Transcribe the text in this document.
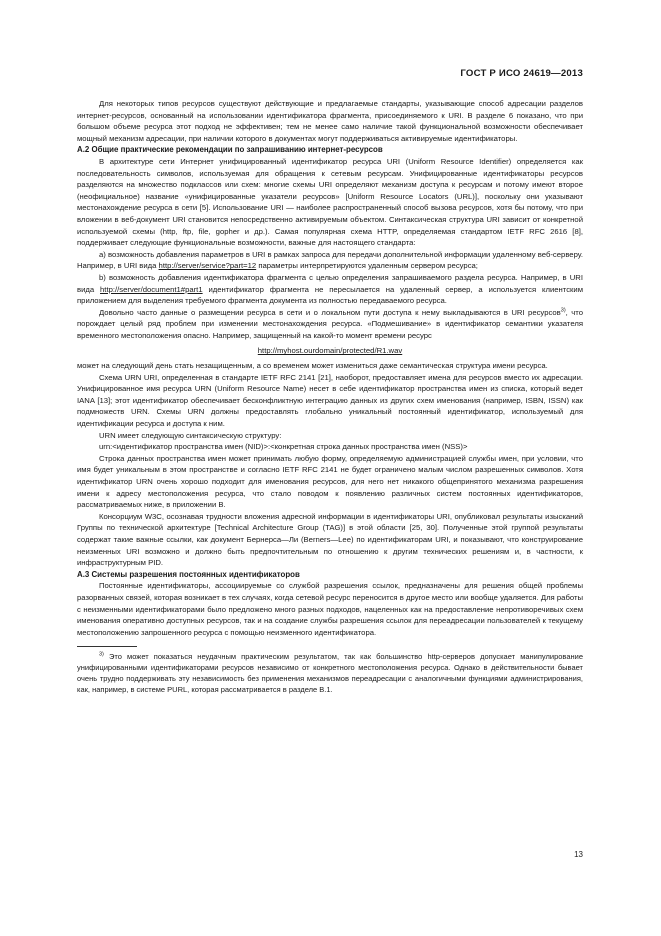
ГОСТ Р ИСО 24619—2013

Для некоторых типов ресурсов существуют действующие и предлагаемые стандарты, указывающие способ адресации разделов интернет-ресурсов, основанный на использовании идентификатора фрагмента, присоединяемого к URI. В разделе 6 показано, что при большом объеме ресурса этот подход не эффективен; тем не менее само наличие такой функциональной возможности обеспечивает мощный механизм адресации, при наличии которого в документах могут поддерживаться активируемые идентификаторы.

А.2 Общие практические рекомендации по запрашиванию интернет-ресурсов

В архитектуре сети Интернет унифицированный идентификатор ресурса URI (Uniform Resource Identifier) определяется как последовательность символов, используемая для обращения к сетевым ресурсам. Унифицированные идентификаторы ресурсов разделяются на множество подклассов или схем: многие схемы URI определяют механизм доступа к ресурсам и потому имеют второе (неофициальное) название «унифицированные указатели ресурсов» [Uniform Resource Locators (URL)], поскольку они указывают местонахождение ресурса в сети [5]. Использование URI — наиболее распространенный способ вызова ресурсов, хотя бы потому, что при вложении в веб-документ URI становится непосредственно активируемым объектом. Синтаксическая структура URI зависит от конкретной используемой схемы (http, ftp, file, gopher и др.). Самая популярная схема HTTP, определяемая стандартом IETF RFC 2616 [8], поддерживает следующие функциональные возможности, важные для настоящего стандарта:

а) возможность добавления параметров в URI в рамках запроса для передачи дополнительной информации удаленному веб-серверу. Например, в URI вида http://server/service?part=12 параметры интерпретируются удаленным сервером ресурса;

b) возможность добавления идентификатора фрагмента с целью определения запрашиваемого раздела ресурса. Например, в URI вида http://server/document1#part1 идентификатор фрагмента не пересылается на удаленный сервер, а используется клиентским приложением для выделения требуемого фрагмента документа из полностью передаваемого ресурса.

Довольно часто данные о размещении ресурса в сети и о локальном пути доступа к нему выкладываются в URI ресурсов$^{3)}$, что порождает целый ряд проблем при изменении местонахождения ресурса. «Подмешивание» в идентификатор семантики указателя временного местоположения опасно. Например, защищенный на какой-то момент времени ресурс

http://myhost.ourdomain/protected/R1.wav

может на следующий день стать незащищенным, а со временем может измениться даже семантическая структура имени ресурса.

Схема URN URI, определенная в стандарте IETF RFC 2141 [21], наоборот, предоставляет имена для ресурсов вместо их адресации. Унифицированное имя ресурса URN (Uniform Resource Name) несет в себе идентификатор пространства имен из списка, который ведет IANA [13]; этот идентификатор обеспечивает бесконфликтную интеграцию данных из других схем именования (например, ISBN, ISSN) как подмножеств URN. Схемы URN должны предоставлять глобально уникальный постоянный идентификатор, используемый для идентификации ресурса и доступа к ним.

URN имеет следующую синтаксическую структуру:

urn:<идентификатор пространства имен (NID)>:<конкретная строка данных пространства имен (NSS)>

Строка данных пространства имен может принимать любую форму, определяемую администрацией службы имен, при условии, что имя будет уникальным в этом пространстве и согласно IETF RFC 2141 не будет ограничено малым числом разрешенных символов. Хотя идентификатор URN очень хорошо подходит для именования ресурсов, для него нет никакого общепринятого механизма разрешения имени к адресу местоположения ресурса, что стало поводом к появлению различных систем постоянных идентификаторов, рассматриваемых ниже, в приложении В.

Консорциум W3C, осознавая трудности вложения адресной информации в идентификаторы URI, опубликовал результаты изысканий Группы по технической архитектуре [Technical Architecture Group (TAG)] в этой области [25, 30]. Полученные этой группой результаты содержат такие важные ссылки, как документ Бернерса—Ли (Berners—Lee) по идентификаторам URI, и показывают, что конструирование неизменных URI возможно и должно быть предпочтительным по отношению к другим технических решениям и, в частности, к инфраструктурным PID.

А.3 Системы разрешения постоянных идентификаторов

Постоянные идентификаторы, ассоциируемые со службой разрешения ссылок, предназначены для решения общей проблемы разорванных связей, которая возникает в тех случаях, когда сетевой ресурс переносится в другое место или вообще удаляется. Для работы с неизменными идентификаторами было предложено много разных подходов, нацеленных как на предоставление непротиворечивых схем именования оперативно доступных ресурсов, так и на создание службы разрешения ссылок для переадресации пользователей к текущему местоположению запрошенного ресурса с помощью неизменного идентификатора.

$^{3)}$ Это может показаться неудачным практическим результатом, так как большинство http-серверов допускает манипулирование унифицированными идентификаторами ресурсов независимо от конкретного местоположения ресурса. Однако в действительности бывает очень трудно поддерживать эту независимость без применения механизмов переадресации с аналогичными функциями администрирования, как, например, в системе PURL, которая рассматривается в разделе В.1.

13
